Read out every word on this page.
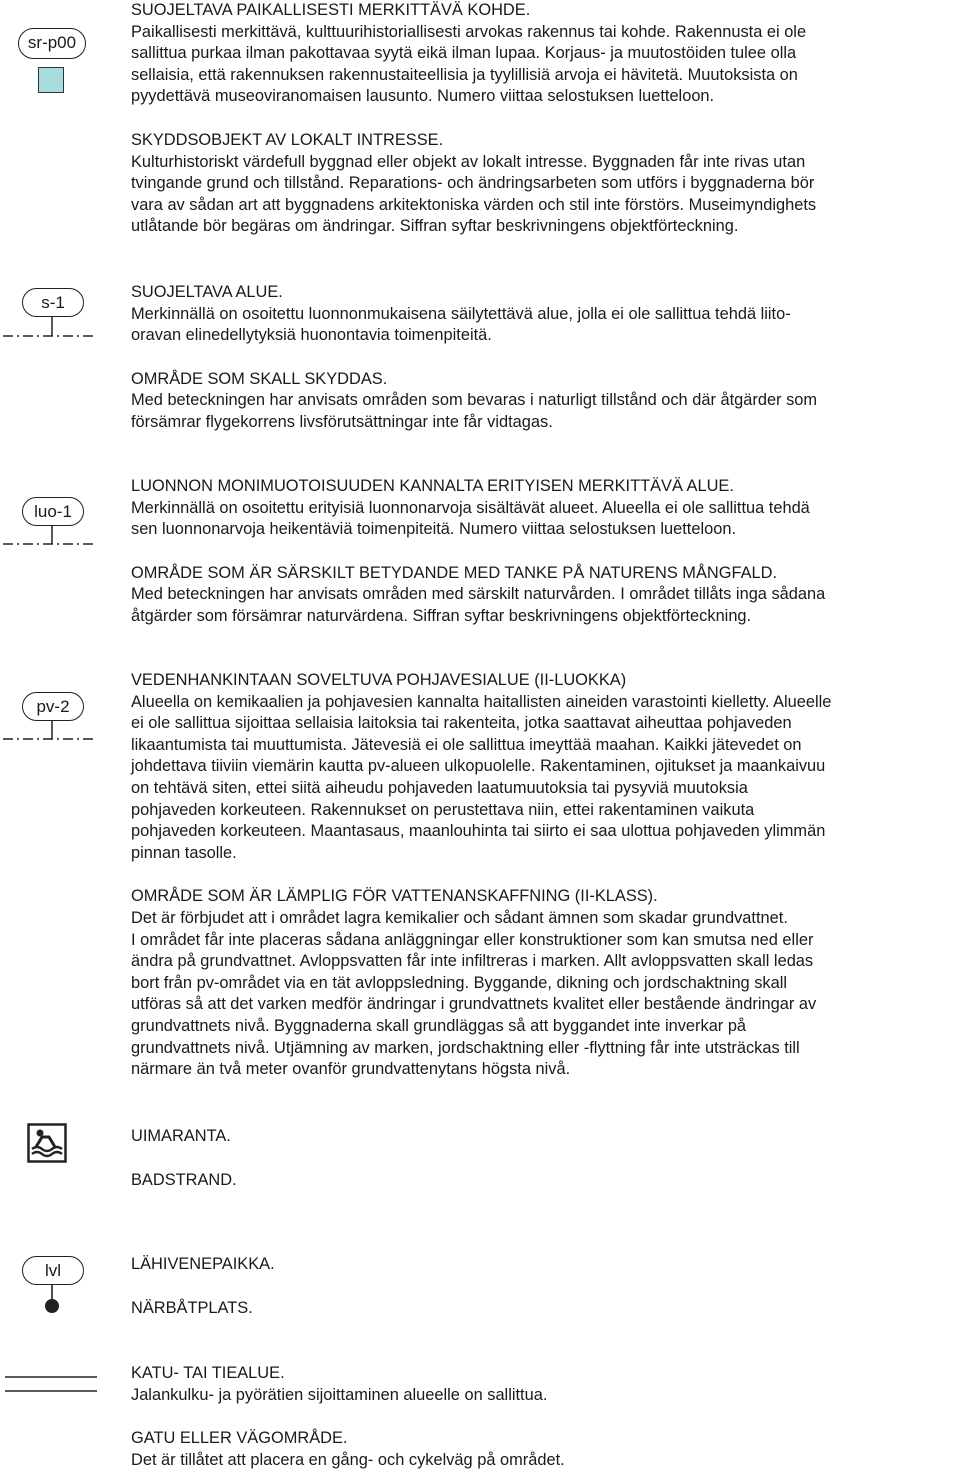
sr-p00

SUOJELTAVA PAIKALLISESTI MERKITTÄVÄ KOHDE.

Paikallisesti merkittävä, kulttuurihistoriallisesti arvokas rakennus tai kohde. Rakennusta ei ole

sallittua purkaa ilman pakottavaa syytä eikä ilman lupaa. Korjaus- ja muutostöiden tulee olla

sellaisia, että rakennuksen rakennustaiteellisia ja tyylillisiä arvoja ei hävitetä. Muutoksista on

pyydettävä museoviranomaisen lausunto. Numero viittaa selostuksen luetteloon.

SKYDDSOBJEKT AV LOKALT INTRESSE.

Kulturhistoriskt värdefull byggnad eller objekt av lokalt intresse. Byggnaden får inte rivas utan

tvingande grund och tillstånd. Reparations- och ändringsarbeten som utförs i byggnaderna bör

vara av sådan art att byggnadens arkitektoniska värden och stil inte förstörs. Museimyndighets

utlåtande bör begäras om ändringar. Siffran syftar beskrivningens objektförteckning.

s-1

SUOJELTAVA ALUE.

Merkinnällä on osoitettu luonnonmukaisena säilytettävä alue, jolla ei ole sallittua tehdä liito-

oravan elinedellytyksiä huonontavia toimenpiteitä.

OMRÅDE SOM SKALL SKYDDAS.

Med beteckningen har anvisats områden som bevaras i naturligt tillstånd och där åtgärder som

försämrar flygekorrens livsförutsättningar inte får vidtagas.

luo-1

LUONNON MONIMUOTOISUUDEN KANNALTA ERITYISEN MERKITTÄVÄ ALUE.

Merkinnällä on osoitettu erityisiä luonnonarvoja sisältävät alueet. Alueella ei ole sallittua tehdä

sen luonnonarvoja heikentäviä toimenpiteitä. Numero viittaa selostuksen luetteloon.

OMRÅDE SOM ÄR SÄRSKILT BETYDANDE MED TANKE PÅ NATURENS MÅNGFALD.

Med beteckningen har anvisats områden med särskilt naturvården. I området tillåts inga sådana

åtgärder som försämrar naturvärdena. Siffran syftar beskrivningens objektförteckning.

pv-2

VEDENHANKINTAAN SOVELTUVA POHJAVESIALUE (II-LUOKKA)

Alueella on kemikaalien ja pohjavesien kannalta haitallisten aineiden varastointi kielletty. Alueelle

ei ole sallittua sijoittaa sellaisia laitoksia tai rakenteita, jotka saattavat aiheuttaa pohjaveden

likaantumista tai muuttumista. Jätevesiä ei ole sallittua imeyttää maahan. Kaikki jätevedet on

johdettava tiiviin viemärin kautta pv-alueen ulkopuolelle. Rakentaminen, ojitukset ja maankaivuu

on tehtävä siten, ettei siitä aiheudu pohjaveden laatumuutoksia tai pysyviä muutoksia

pohjaveden korkeuteen. Rakennukset on perustettava niin, ettei rakentaminen vaikuta

pohjaveden korkeuteen. Maantasaus, maanlouhinta tai siirto ei saa ulottua pohjaveden ylimmän

pinnan tasolle.

OMRÅDE SOM ÄR LÄMPLIG FÖR VATTENANSKAFFNING (II-KLASS).

Det är förbjudet att i området lagra kemikalier och sådant ämnen som skadar grundvattnet.

I området får inte placeras sådana anläggningar eller konstruktioner som kan smutsa ned eller

ändra på grundvattnet. Avloppsvatten får inte infiltreras i marken. Allt avloppsvatten skall ledas

bort från pv-området via en tät avloppsledning. Byggande, dikning och jordschaktning skall

utföras så att det varken medför ändringar i grundvattnets kvalitet eller bestående ändringar av

grundvattnets nivå. Byggnaderna skall grundläggas så att byggandet inte inverkar på

grundvattnets nivå. Utjämning av marken, jordschaktning eller -flyttning får inte utsträckas till

närmare än två meter ovanför grundvattenytans högsta nivå.

UIMARANTA.

BADSTRAND.

lvl	LÄHIVENEPAIKKA.

NÄRBÅTPLATS.

KATU- TAI TIEALUE.

Jalankulku- ja pyörätien sijoittaminen alueelle on sallittua.

GATU ELLER VÄGOMRÅDE.

Det är tillåtet att placera en gång- och cykelväg på området.
